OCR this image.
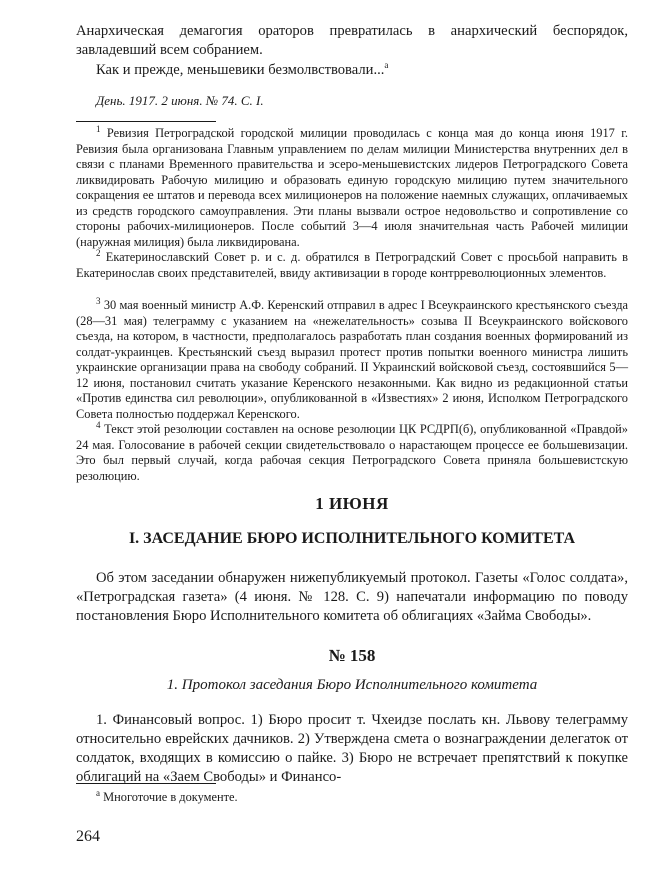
Анархическая демагогия ораторов превратилась в анархический беспорядок, завладевший всем собранием.

Как и прежде, меньшевики безмолвствовали...$^а$

День. 1917. 2 июня. № 74. С. I.

$^1$ Ревизия Петроградской городской милиции проводилась с конца мая до конца июня 1917 г. Ревизия была организована Главным управлением по делам милиции Министерства внутренних дел в связи с планами Временного правительства и эсеро-меньшевистских лидеров Петроградского Совета ликвидировать Рабочую милицию и образовать единую городскую милицию путем значительного сокращения ее штатов и перевода всех милиционеров на положение наемных служащих, оплачиваемых из средств городского самоуправления. Эти планы вызвали острое недовольство и сопротивление со стороны рабочих-милиционеров. После событий 3—4 июля значительная часть Рабочей милиции (наружная милиция) была ликвидирована.

$^2$ Екатеринославский Совет р. и с. д. обратился в Петроградский Совет с просьбой направить в Екатеринослав своих представителей, ввиду активизации в городе контрреволюционных элементов.

$^3$ 30 мая военный министр А.Ф. Керенский отправил в адрес I Всеукраинского крестьянского съезда (28—31 мая) телеграмму с указанием на «нежелательность» созыва II Всеукраинского войскового съезда, на котором, в частности, предполагалось разработать план создания военных формирований из солдат-украинцев. Крестьянский съезд выразил протест против попытки военного министра лишить украинские организации права на свободу собраний. II Украинский войсковой съезд, состоявшийся 5—12 июня, постановил считать указание Керенского незаконными. Как видно из редакционной статьи «Против единства сил революции», опубликованной в «Известиях» 2 июня, Исполком Петроградского Совета полностью поддержал Керенского.

$^4$ Текст этой резолюции составлен на основе резолюции ЦК РСДРП(б), опубликованной «Правдой» 24 мая. Голосование в рабочей секции свидетельствовало о нарастающем процессе ее большевизации. Это был первый случай, когда рабочая секция Петроградского Совета приняла большевистскую резолюцию.

1 ИЮНЯ
I. ЗАСЕДАНИЕ БЮРО ИСПОЛНИТЕЛЬНОГО КОМИТЕТА

Об этом заседании обнаружен нижепубликуемый протокол. Газеты «Голос солдата», «Петроградская газета» (4 июня. № 128. С. 9) напечатали информацию по поводу постановления Бюро Исполнительного комитета об облигациях «Займа Свободы».

№ 158
1. Протокол заседания Бюро Исполнительного комитета

1. Финансовый вопрос. 1) Бюро просит т. Чхеидзе послать кн. Львову телеграмму относительно еврейских дачников. 2) Утверждена смета о вознаграждении делегаток от солдаток, входящих в комиссию о пайке. 3) Бюро не встречает препятствий к покупке облигаций на «Заем Свободы» и Финансо-

$^а$ Многоточие в документе.

264
